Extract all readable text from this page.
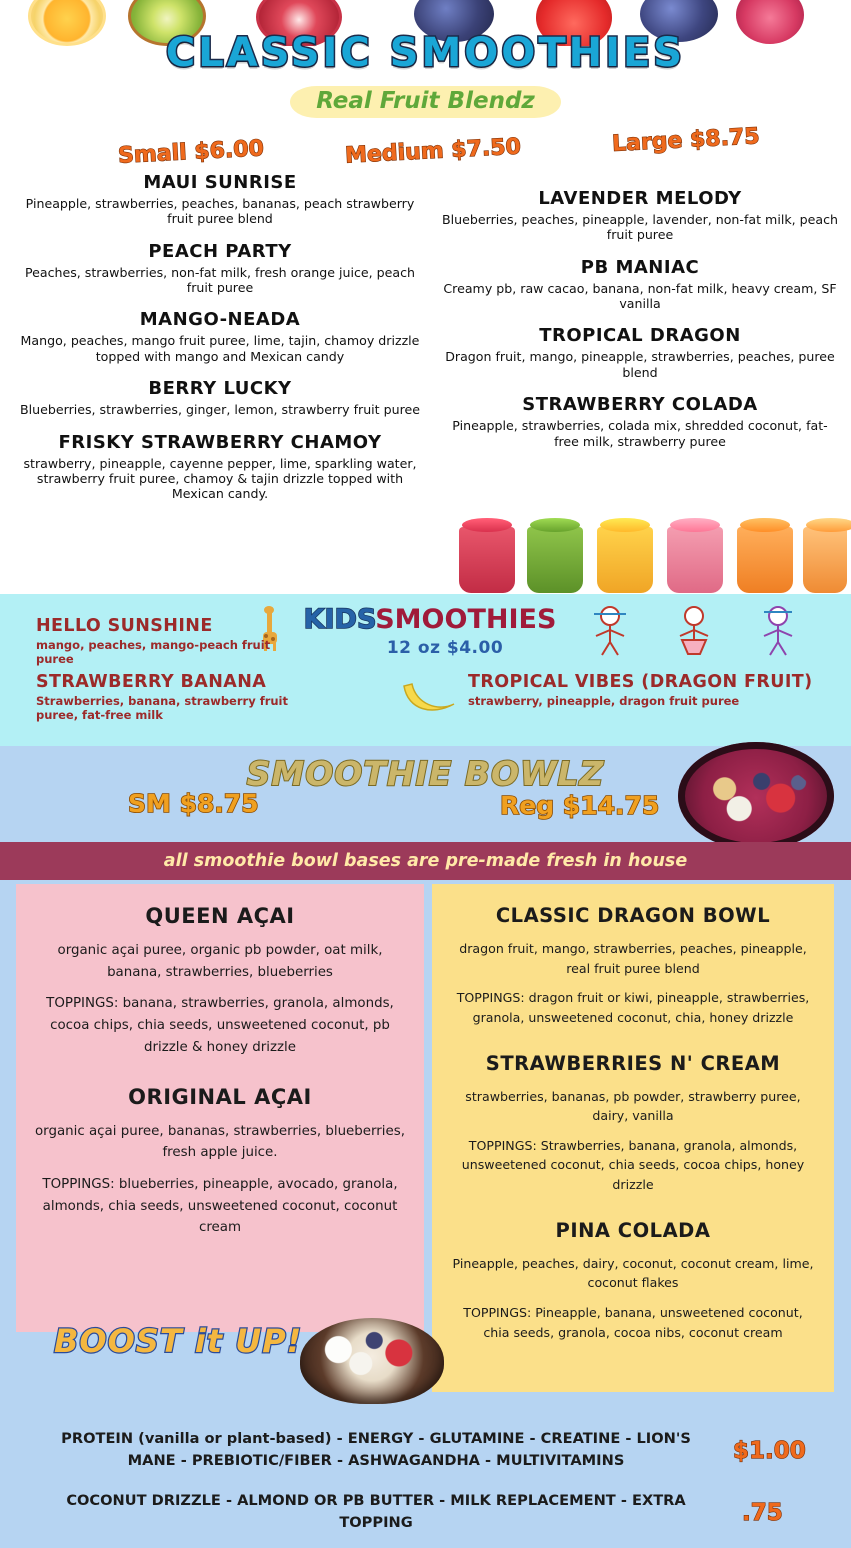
CLASSIC SMOOTHIES
Real Fruit Blendz
Small $6.00	Medium $7.50	Large $8.75
MAUI SUNRISE

Pineapple, strawberries, peaches, bananas, peach strawberry fruit puree blend

PEACH PARTY

Peaches, strawberries, non-fat milk, fresh orange juice, peach fruit puree

MANGO-NEADA

Mango, peaches, mango fruit puree, lime, tajin, chamoy drizzle topped with mango and Mexican candy

BERRY LUCKY

Blueberries, strawberries, ginger, lemon, strawberry fruit puree

FRISKY STRAWBERRY CHAMOY

strawberry, pineapple, cayenne pepper, lime, sparkling water, strawberry fruit puree, chamoy & tajin drizzle topped with Mexican candy.

LAVENDER MELODY

Blueberries, peaches, pineapple, lavender, non-fat milk, peach fruit puree

PB MANIAC

Creamy pb, raw cacao, banana, non-fat milk, heavy cream, SF vanilla

TROPICAL DRAGON

Dragon fruit, mango, pineapple, strawberries, peaches, puree blend

STRAWBERRY COLADA

Pineapple, strawberries, colada mix, shredded coconut, fat-free milk, strawberry puree

KIDSSMOOTHIES
12 oz $4.00
HELLO SUNSHINE

mango, peaches, mango-peach fruit puree

STRAWBERRY BANANA

Strawberries, banana, strawberry fruit puree, fat-free milk

TROPICAL VIBES (DRAGON FRUIT)

strawberry, pineapple, dragon fruit puree

SMOOTHIE BOWLZ
SM $8.75	Reg $14.75
all smoothie bowl bases are pre-made fresh in house
QUEEN AÇAI

organic açai puree, organic pb powder, oat milk, banana, strawberries, blueberries

TOPPINGS: banana, strawberries, granola, almonds, cocoa chips, chia seeds, unsweetened coconut, pb drizzle & honey drizzle

ORIGINAL AÇAI

organic açai puree, bananas, strawberries, blueberries, fresh apple juice.

TOPPINGS: blueberries, pineapple, avocado, granola, almonds, chia seeds, unsweetened coconut, coconut cream

CLASSIC DRAGON BOWL

dragon fruit, mango, strawberries, peaches, pineapple, real fruit puree blend

TOPPINGS: dragon fruit or kiwi, pineapple, strawberries, granola, unsweetened coconut, chia, honey drizzle

STRAWBERRIES N' CREAM

strawberries, bananas, pb powder, strawberry puree, dairy, vanilla

TOPPINGS: Strawberries, banana, granola, almonds, unsweetened coconut, chia seeds, cocoa chips, honey drizzle

PINA COLADA

Pineapple, peaches, dairy, coconut, coconut cream, lime, coconut flakes

TOPPINGS: Pineapple, banana, unsweetened coconut, chia seeds, granola, cocoa nibs, coconut cream

BOOST it UP!
PROTEIN (vanilla or plant-based) - ENERGY - GLUTAMINE - CREATINE - LION'S MANE - PREBIOTIC/FIBER - ASHWAGANDHA - MULTIVITAMINS	$1.00
COCONUT DRIZZLE - ALMOND OR PB BUTTER - MILK REPLACEMENT - EXTRA TOPPING	.75
